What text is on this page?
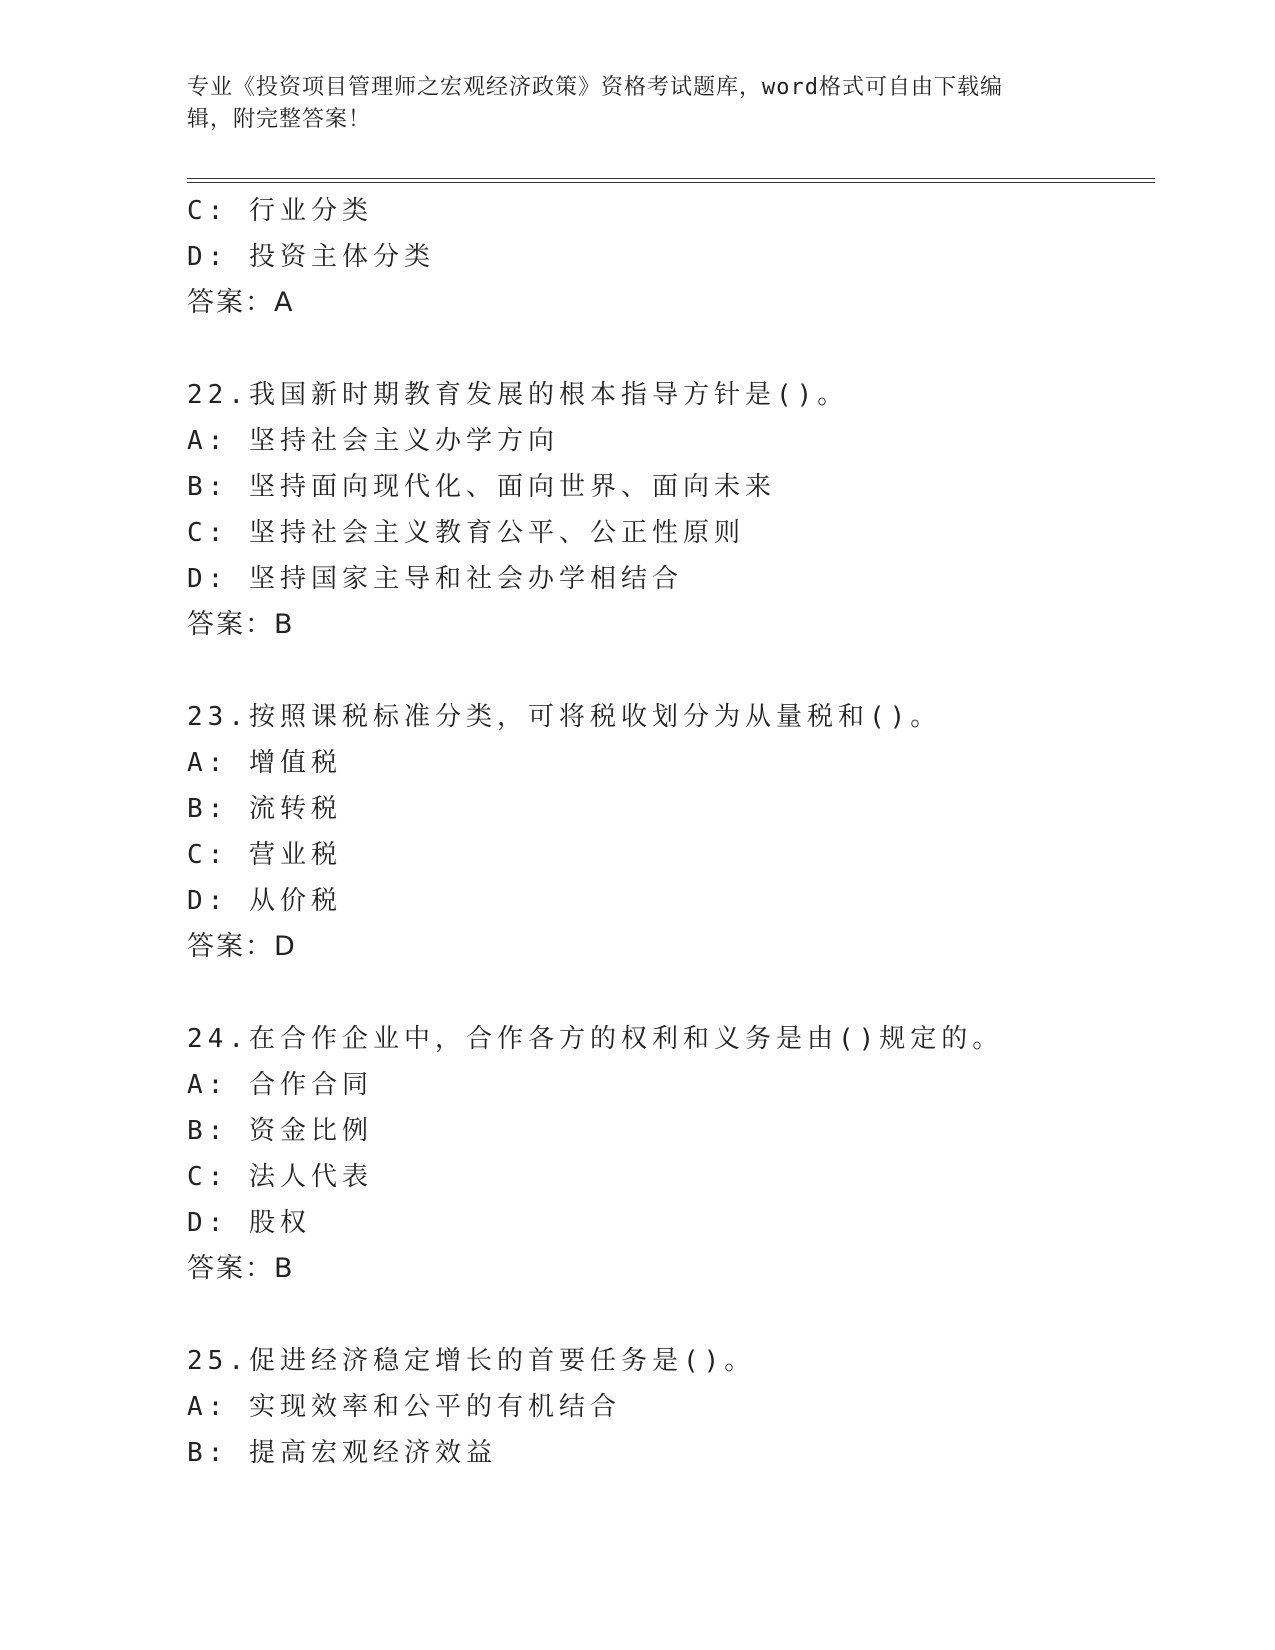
专业《投资项目管理师之宏观经济政策》资格考试题库，word格式可自由下载编
辑，附完整答案！
C: 行业分类
D: 投资主体分类
答案：A
22.我国新时期教育发展的根本指导方针是()。
A: 坚持社会主义办学方向
B: 坚持面向现代化、面向世界、面向未来
C: 坚持社会主义教育公平、公正性原则
D: 坚持国家主导和社会办学相结合
答案：B
23.按照课税标准分类，可将税收划分为从量税和()。
A: 增值税
B: 流转税
C: 营业税
D: 从价税
答案：D
24.在合作企业中，合作各方的权利和义务是由()规定的。
A: 合作合同
B: 资金比例
C: 法人代表
D: 股权
答案：B
25.促进经济稳定增长的首要任务是()。
A: 实现效率和公平的有机结合
B: 提高宏观经济效益
